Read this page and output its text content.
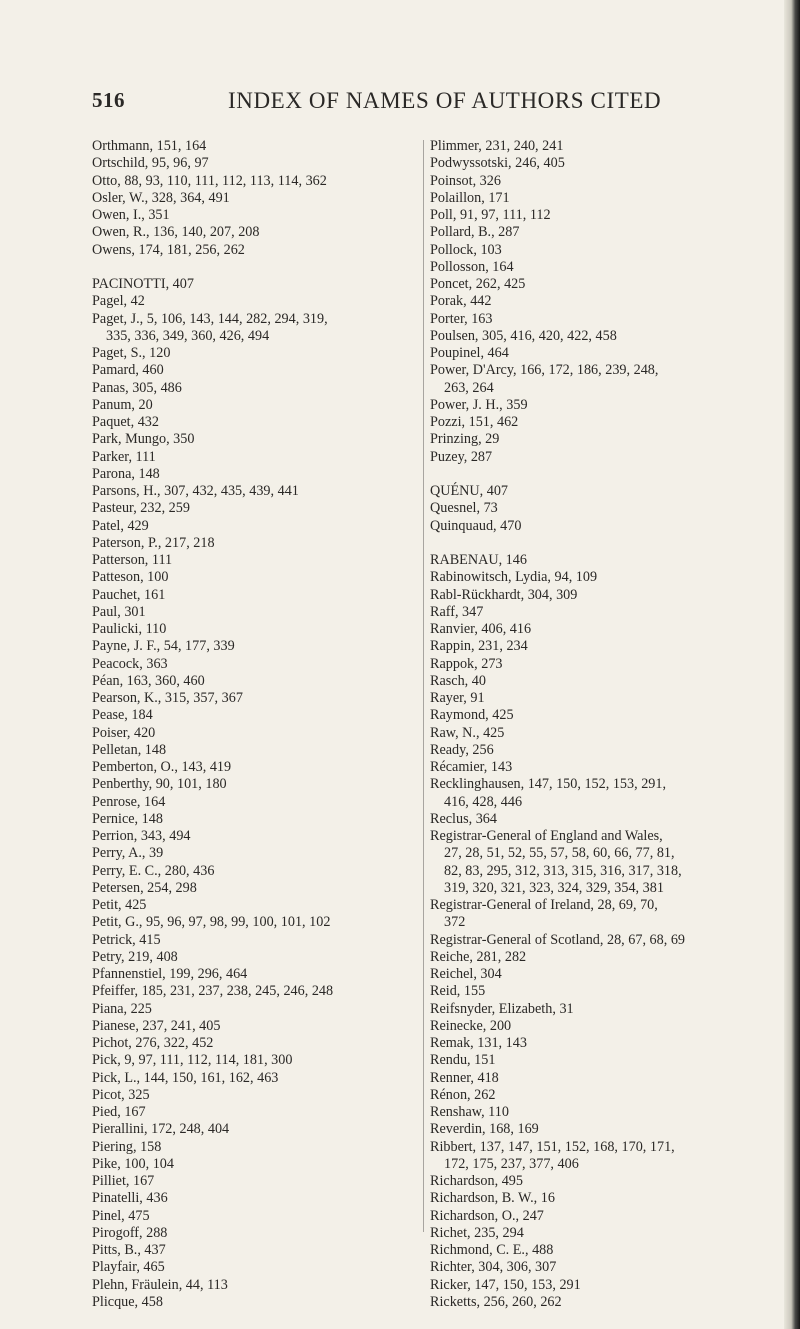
516	INDEX OF NAMES OF AUTHORS CITED
Orthmann, 151, 164
Ortschild, 95, 96, 97
Otto, 88, 93, 110, 111, 112, 113, 114, 362
Osler, W., 328, 364, 491
Owen, I., 351
Owen, R., 136, 140, 207, 208
Owens, 174, 181, 256, 262
PACINOTTI, 407
Pagel, 42
Paget, J., 5, 106, 143, 144, 282, 294, 319,
335, 336, 349, 360, 426, 494
Paget, S., 120
Pamard, 460
Panas, 305, 486
Panum, 20
Paquet, 432
Park, Mungo, 350
Parker, 111
Parona, 148
Parsons, H., 307, 432, 435, 439, 441
Pasteur, 232, 259
Patel, 429
Paterson, P., 217, 218
Patterson, 111
Patteson, 100
Pauchet, 161
Paul, 301
Paulicki, 110
Payne, J. F., 54, 177, 339
Peacock, 363
Péan, 163, 360, 460
Pearson, K., 315, 357, 367
Pease, 184
Poiser, 420
Pelletan, 148
Pemberton, O., 143, 419
Penberthy, 90, 101, 180
Penrose, 164
Pernice, 148
Perrion, 343, 494
Perry, A., 39
Perry, E. C., 280, 436
Petersen, 254, 298
Petit, 425
Petit, G., 95, 96, 97, 98, 99, 100, 101, 102
Petrick, 415
Petry, 219, 408
Pfannenstiel, 199, 296, 464
Pfeiffer, 185, 231, 237, 238, 245, 246, 248
Piana, 225
Pianese, 237, 241, 405
Pichot, 276, 322, 452
Pick, 9, 97, 111, 112, 114, 181, 300
Pick, L., 144, 150, 161, 162, 463
Picot, 325
Pied, 167
Pierallini, 172, 248, 404
Piering, 158
Pike, 100, 104
Pilliet, 167
Pinatelli, 436
Pinel, 475
Pirogoff, 288
Pitts, B., 437
Playfair, 465
Plehn, Fräulein, 44, 113
Plicque, 458
Plimmer, 231, 240, 241
Podwyssotski, 246, 405
Poinsot, 326
Polaillon, 171
Poll, 91, 97, 111, 112
Pollard, B., 287
Pollock, 103
Pollosson, 164
Poncet, 262, 425
Porak, 442
Porter, 163
Poulsen, 305, 416, 420, 422, 458
Poupinel, 464
Power, D'Arcy, 166, 172, 186, 239, 248,
263, 264
Power, J. H., 359
Pozzi, 151, 462
Prinzing, 29
Puzey, 287
QUÉNU, 407
Quesnel, 73
Quinquaud, 470
RABENAU, 146
Rabinowitsch, Lydia, 94, 109
Rabl-Rückhardt, 304, 309
Raff, 347
Ranvier, 406, 416
Rappin, 231, 234
Rappok, 273
Rasch, 40
Rayer, 91
Raymond, 425
Raw, N., 425
Ready, 256
Récamier, 143
Recklinghausen, 147, 150, 152, 153, 291,
416, 428, 446
Reclus, 364
Registrar-General of England and Wales,
27, 28, 51, 52, 55, 57, 58, 60, 66, 77, 81,
82, 83, 295, 312, 313, 315, 316, 317, 318,
319, 320, 321, 323, 324, 329, 354, 381
Registrar-General of Ireland, 28, 69, 70,
372
Registrar-General of Scotland, 28, 67, 68, 69
Reiche, 281, 282
Reichel, 304
Reid, 155
Reifsnyder, Elizabeth, 31
Reinecke, 200
Remak, 131, 143
Rendu, 151
Renner, 418
Rénon, 262
Renshaw, 110
Reverdin, 168, 169
Ribbert, 137, 147, 151, 152, 168, 170, 171,
172, 175, 237, 377, 406
Richardson, 495
Richardson, B. W., 16
Richardson, O., 247
Richet, 235, 294
Richmond, C. E., 488
Richter, 304, 306, 307
Ricker, 147, 150, 153, 291
Ricketts, 256, 260, 262
